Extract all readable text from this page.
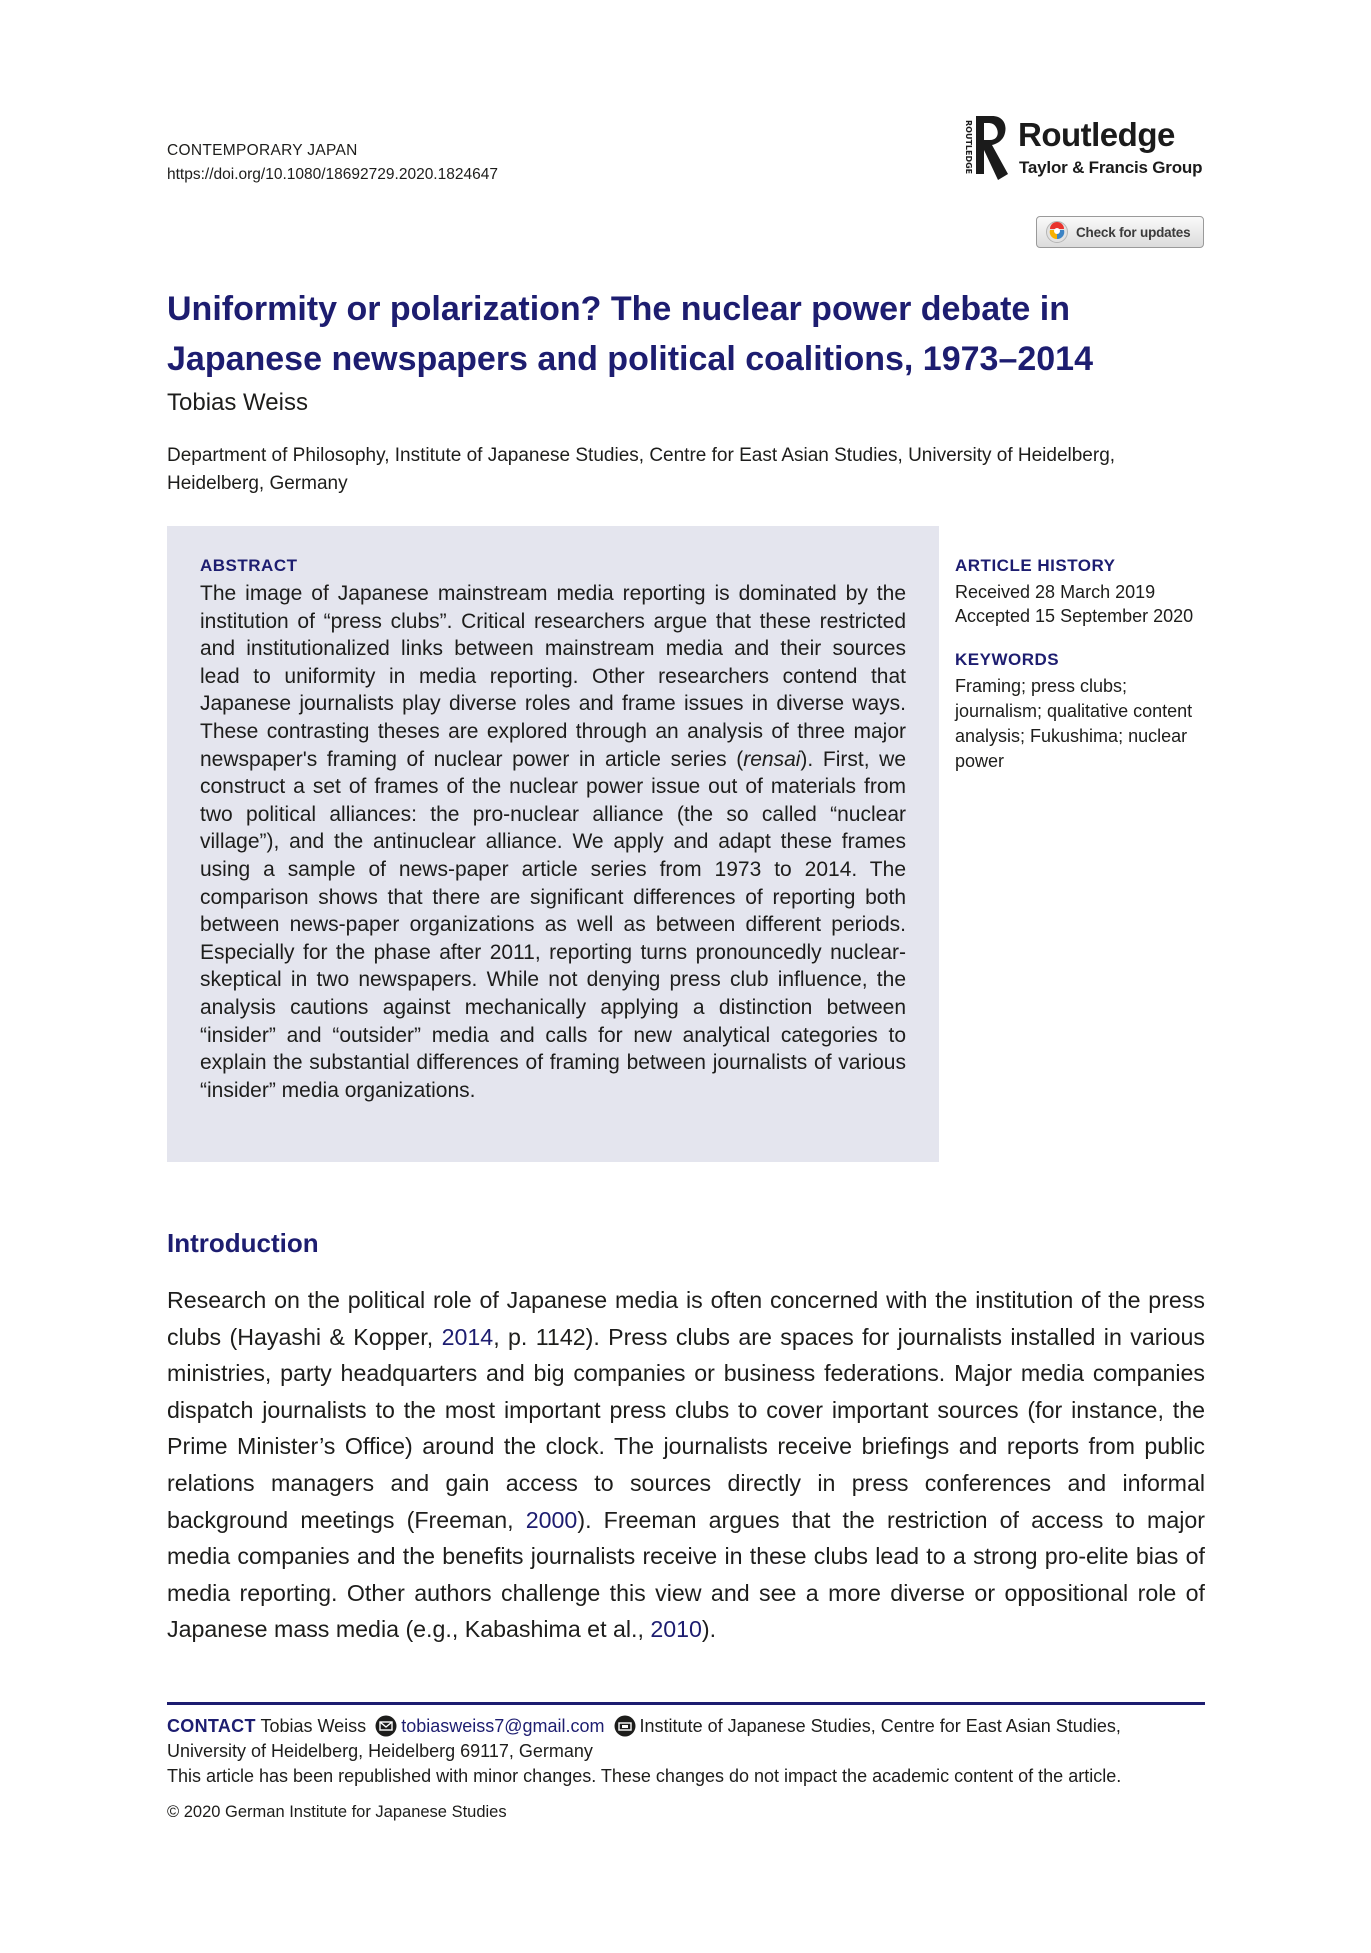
CONTEMPORARY JAPAN
https://doi.org/10.1080/18692729.2020.1824647
ROUTLEDGE Routledge
Taylor & Francis Group
Check for updates
Uniformity or polarization? The nuclear power debate in Japanese newspapers and political coalitions, 1973–2014
Tobias Weiss
Department of Philosophy, Institute of Japanese Studies, Centre for East Asian Studies, University of Heidelberg, Heidelberg, Germany
ABSTRACT

The image of Japanese mainstream media reporting is dominated by the institution of “press clubs”. Critical researchers argue that these restricted and institutionalized links between mainstream media and their sources lead to uniformity in media reporting. Other researchers contend that Japanese journalists play diverse roles and frame issues in diverse ways. These contrasting theses are explored through an analysis of three major newspaper's framing of nuclear power in article series (rensai). First, we construct a set of frames of the nuclear power issue out of materials from two political alliances: the pro-nuclear alliance (the so called “nuclear village”), and the antinuclear alliance. We apply and adapt these frames using a sample of news-paper article series from 1973 to 2014. The comparison shows that there are significant differences of reporting both between news-paper organizations as well as between different periods. Especially for the phase after 2011, reporting turns pronouncedly nuclear-skeptical in two newspapers. While not denying press club influence, the analysis cautions against mechanically applying a distinction between “insider” and “outsider” media and calls for new analytical categories to explain the substantial differences of framing between journalists of various “insider” media organizations.

ARTICLE HISTORY
Received 28 March 2019
Accepted 15 September 2020
KEYWORDS

Framing; press clubs; journalism; qualitative content analysis; Fukushima; nuclear power

Introduction

Research on the political role of Japanese media is often concerned with the institution of the press clubs (Hayashi & Kopper, 2014, p. 1142). Press clubs are spaces for journalists installed in various ministries, party headquarters and big companies or business federations. Major media companies dispatch journalists to the most important press clubs to cover important sources (for instance, the Prime Minister’s Office) around the clock. The journalists receive briefings and reports from public relations managers and gain access to sources directly in press conferences and informal background meetings (Freeman, 2000). Freeman argues that the restriction of access to major media companies and the benefits journalists receive in these clubs lead to a strong pro-elite bias of media reporting. Other authors challenge this view and see a more diverse or oppositional role of Japanese mass media (e.g., Kabashima et al., 2010).

CONTACT Tobias Weiss tobiasweiss7@gmail.com Institute of Japanese Studies, Centre for East Asian Studies,
University of Heidelberg, Heidelberg 69117, Germany
This article has been republished with minor changes. These changes do not impact the academic content of the article.
© 2020 German Institute for Japanese Studies
